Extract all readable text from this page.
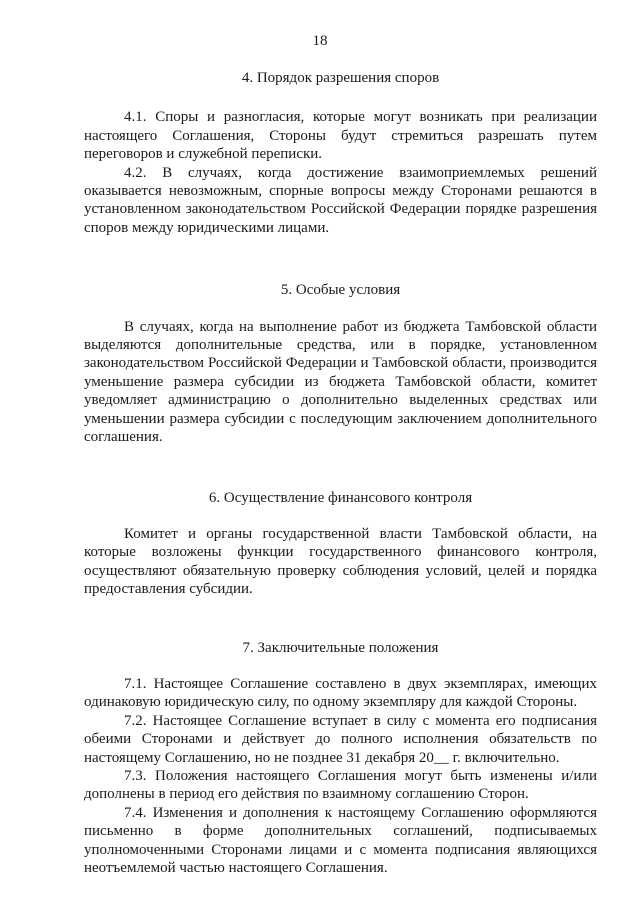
18
4. Порядок разрешения споров

4.1. Споры и разногласия, которые могут возникать при реализации настоящего Соглашения, Стороны будут стремиться разрешать путем переговоров и служебной переписки.

4.2. В случаях, когда достижение взаимоприемлемых решений оказывается невозможным, спорные вопросы между Сторонами решаются в установленном законодательством Российской Федерации порядке разрешения споров между юридическими лицами.

5. Особые условия

В случаях, когда на выполнение работ из бюджета Тамбовской области выделяются дополнительные средства, или в порядке, установленном законодательством Российской Федерации и Тамбовской области, производится уменьшение размера субсидии из бюджета Тамбовской области, комитет уведомляет администрацию о дополнительно выделенных средствах или уменьшении размера субсидии с последующим заключением дополнительного соглашения.

6. Осуществление финансового контроля

Комитет и органы государственной власти Тамбовской области, на которые возложены функции государственного финансового контроля, осуществляют обязательную проверку соблюдения условий, целей и порядка предоставления субсидии.

7. Заключительные положения

7.1. Настоящее Соглашение составлено в двух экземплярах, имеющих одинаковую юридическую силу, по одному экземпляру для каждой Стороны.

7.2. Настоящее Соглашение вступает в силу с момента его подписания обеими Сторонами и действует до полного исполнения обязательств по настоящему Соглашению, но не позднее 31 декабря 20__ г. включительно.

7.3. Положения настоящего Соглашения могут быть изменены и/или дополнены в период его действия по взаимному соглашению Сторон.

7.4. Изменения и дополнения к настоящему Соглашению оформляются письменно в форме дополнительных соглашений, подписываемых уполномоченными Сторонами лицами и с момента подписания являющихся неотъемлемой частью настоящего Соглашения.
